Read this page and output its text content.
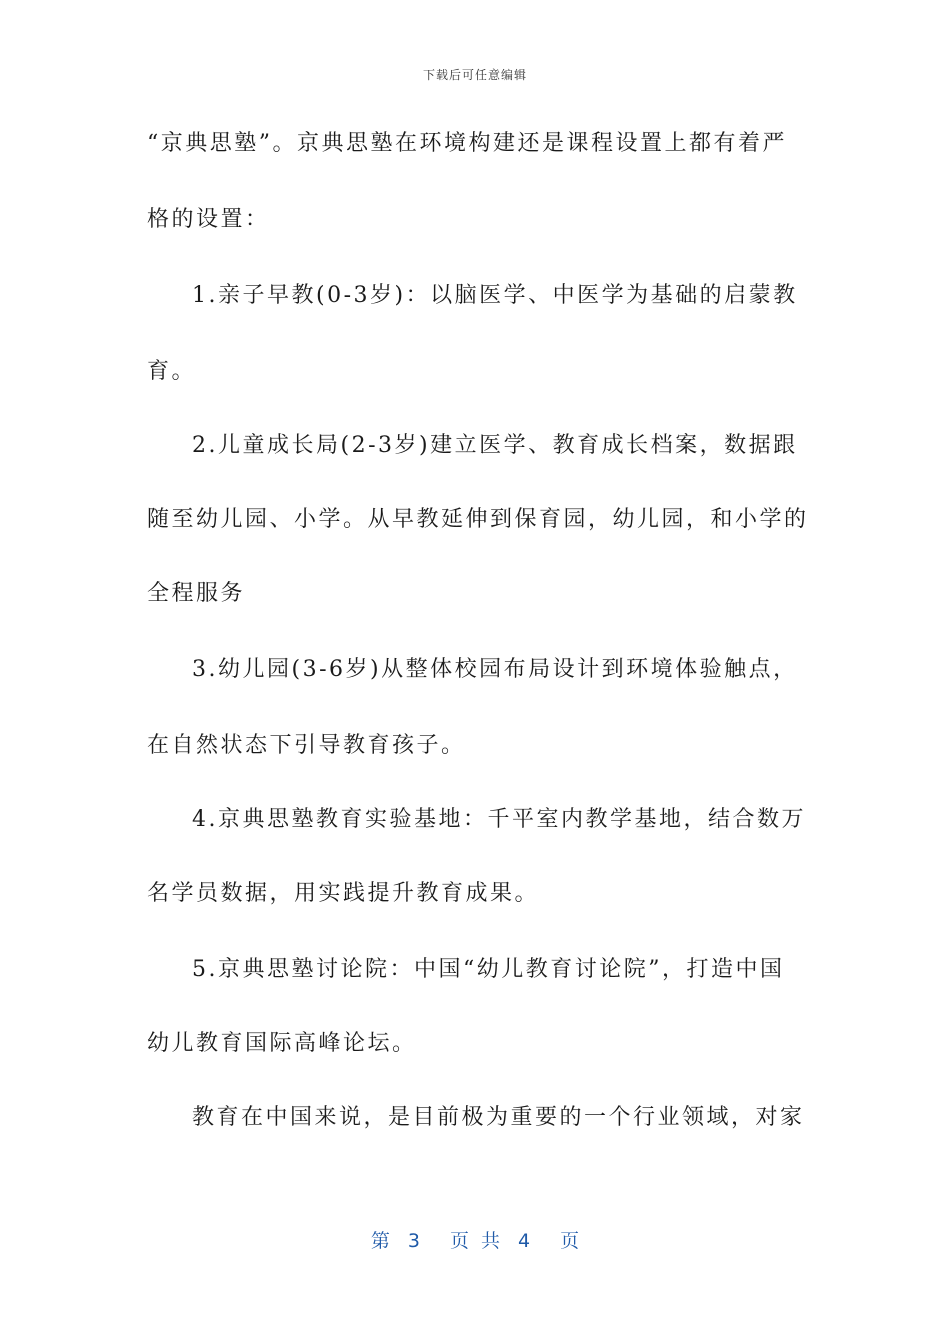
下载后可任意编辑
“京典思塾”。京典思塾在环境构建还是课程设置上都有着严
格的设置：
1.亲子早教(0-3岁)：以脑医学、中医学为基础的启蒙教
育。
2.儿童成长局(2-3岁)建立医学、教育成长档案，数据跟
随至幼儿园、小学。从早教延伸到保育园，幼儿园，和小学的
全程服务
3.幼儿园(3-6岁)从整体校园布局设计到环境体验触点，
在自然状态下引导教育孩子。
4.京典思塾教育实验基地：千平室内教学基地，结合数万
名学员数据，用实践提升教育成果。
5.京典思塾讨论院：中国“幼儿教育讨论院”，打造中国
幼儿教育国际高峰论坛。
教育在中国来说，是目前极为重要的一个行业领域，对家
第 3 页 共 4 页
